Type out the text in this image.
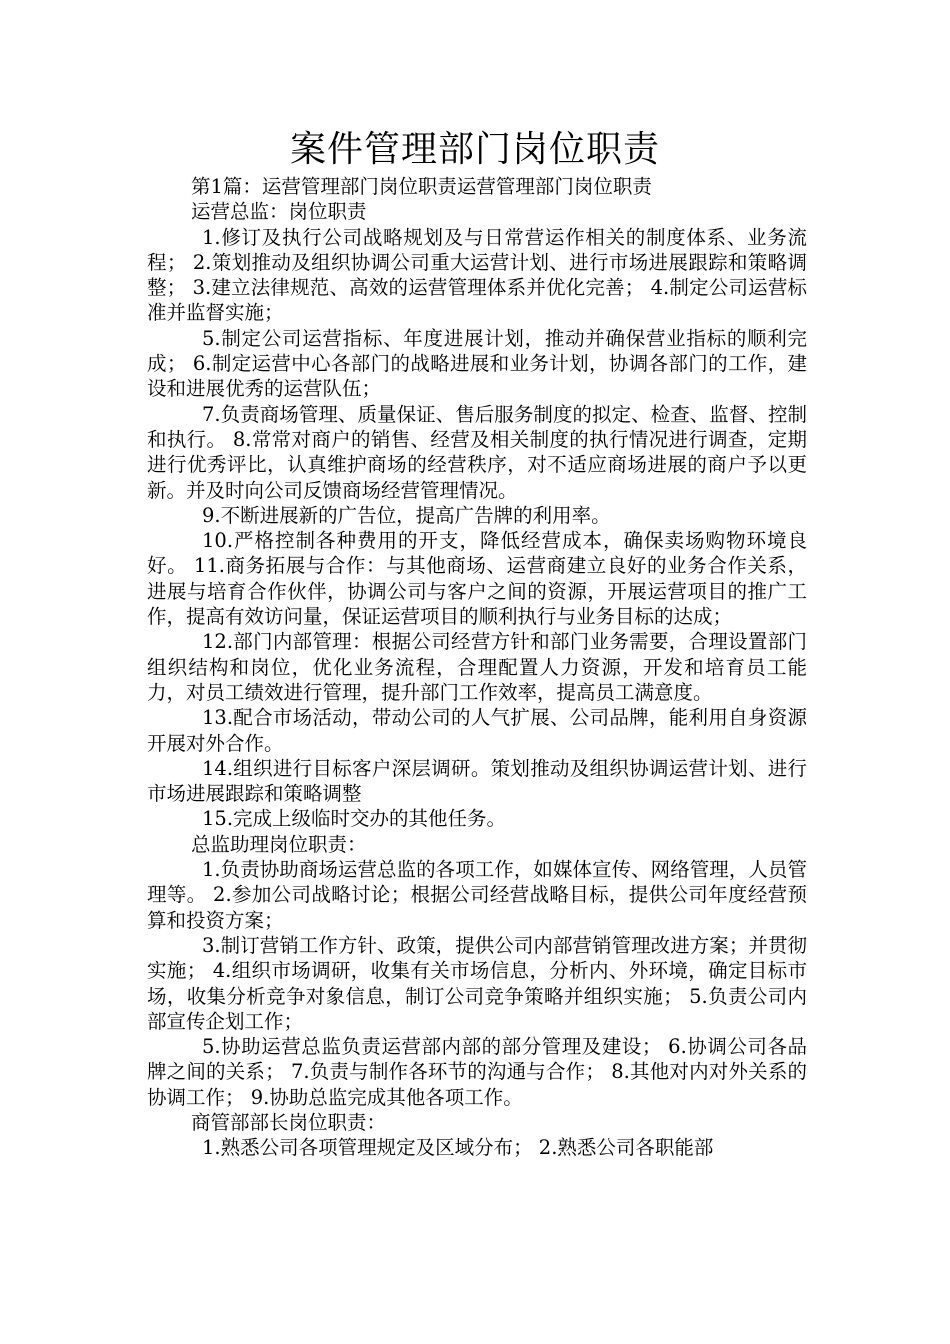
案件管理部门岗位职责

第1篇：运营管理部门岗位职责运营管理部门岗位职责

运营总监：岗位职责

1.修订及执行公司战略规划及与日常营运作相关的制度体系、业务流程； 2.策划推动及组织协调公司重大运营计划、进行市场进展跟踪和策略调整； 3.建立法律规范、高效的运营管理体系并优化完善； 4.制定公司运营标准并监督实施；

5.制定公司运营指标、年度进展计划，推动并确保营业指标的顺利完成； 6.制定运营中心各部门的战略进展和业务计划，协调各部门的工作，建设和进展优秀的运营队伍；

7.负责商场管理、质量保证、售后服务制度的拟定、检查、监督、控制和执行。 8.常常对商户的销售、经营及相关制度的执行情况进行调查，定期进行优秀评比，认真维护商场的经营秩序，对不适应商场进展的商户予以更新。并及时向公司反馈商场经营管理情况。

9.不断进展新的广告位，提高广告牌的利用率。

10.严格控制各种费用的开支，降低经营成本，确保卖场购物环境良好。 11.商务拓展与合作：与其他商场、运营商建立良好的业务合作关系，进展与培育合作伙伴，协调公司与客户之间的资源，开展运营项目的推广工作，提高有效访问量，保证运营项目的顺利执行与业务目标的达成；

12.部门内部管理：根据公司经营方针和部门业务需要，合理设置部门组织结构和岗位，优化业务流程，合理配置人力资源，开发和培育员工能力，对员工绩效进行管理，提升部门工作效率，提高员工满意度。

13.配合市场活动，带动公司的人气扩展、公司品牌，能利用自身资源开展对外合作。

14.组织进行目标客户深层调研。策划推动及组织协调运营计划、进行市场进展跟踪和策略调整

15.完成上级临时交办的其他任务。

总监助理岗位职责：

1.负责协助商场运营总监的各项工作，如媒体宣传、网络管理，人员管理等。 2.参加公司战略讨论；根据公司经营战略目标，提供公司年度经营预算和投资方案；

3.制订营销工作方针、政策，提供公司内部营销管理改进方案；并贯彻实施； 4.组织市场调研，收集有关市场信息，分析内、外环境，确定目标市场，收集分析竞争对象信息，制订公司竞争策略并组织实施； 5.负责公司内部宣传企划工作；

5.协助运营总监负责运营部内部的部分管理及建设； 6.协调公司各品牌之间的关系； 7.负责与制作各环节的沟通与合作； 8.其他对内对外关系的协调工作； 9.协助总监完成其他各项工作。

商管部部长岗位职责：

1.熟悉公司各项管理规定及区域分布； 2.熟悉公司各职能部
